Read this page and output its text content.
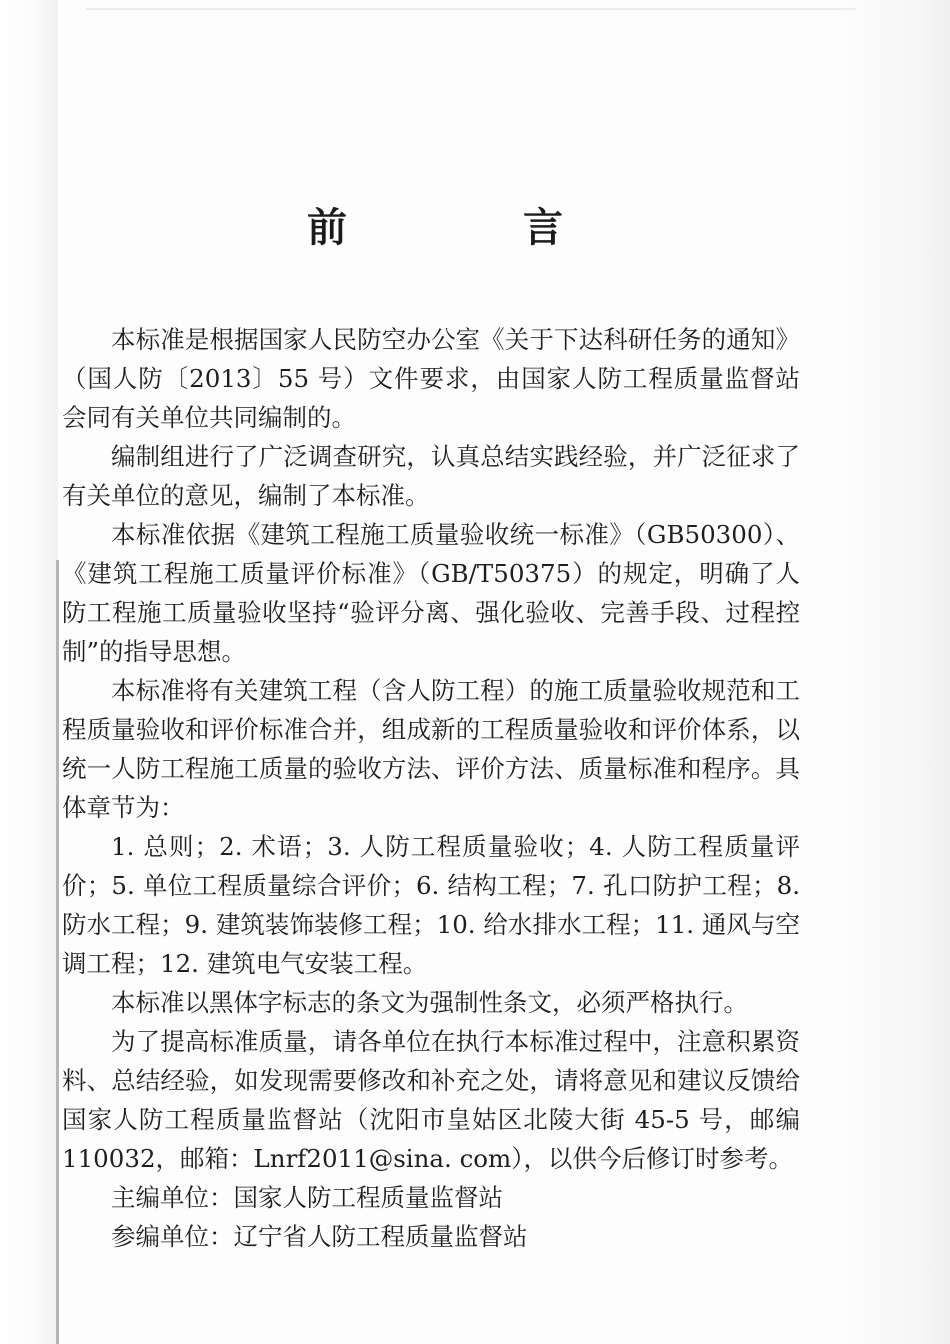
前　言

本标准是根据国家人民防空办公室《关于下达科研任务的通知》（国人防〔2013〕55 号）文件要求，由国家人防工程质量监督站会同有关单位共同编制的。

编制组进行了广泛调查研究，认真总结实践经验，并广泛征求了有关单位的意见，编制了本标准。

本标准依据《建筑工程施工质量验收统一标准》（GB50300）、《建筑工程施工质量评价标准》（GB/T50375）的规定，明确了人防工程施工质量验收坚持“验评分离、强化验收、完善手段、过程控制”的指导思想。

本标准将有关建筑工程（含人防工程）的施工质量验收规范和工程质量验收和评价标准合并，组成新的工程质量验收和评价体系，以统一人防工程施工质量的验收方法、评价方法、质量标准和程序。具体章节为：

1. 总则；2. 术语；3. 人防工程质量验收；4. 人防工程质量评价；5. 单位工程质量综合评价；6. 结构工程；7. 孔口防护工程；8. 防水工程；9. 建筑装饰装修工程；10. 给水排水工程；11. 通风与空调工程；12. 建筑电气安装工程。

本标准以黑体字标志的条文为强制性条文，必须严格执行。

为了提高标准质量，请各单位在执行本标准过程中，注意积累资料、总结经验，如发现需要修改和补充之处，请将意见和建议反馈给国家人防工程质量监督站（沈阳市皇姑区北陵大街 45-5 号，邮编 110032，邮箱：Lnrf2011@sina. com），以供今后修订时参考。

主编单位：国家人防工程质量监督站

参编单位：辽宁省人防工程质量监督站
